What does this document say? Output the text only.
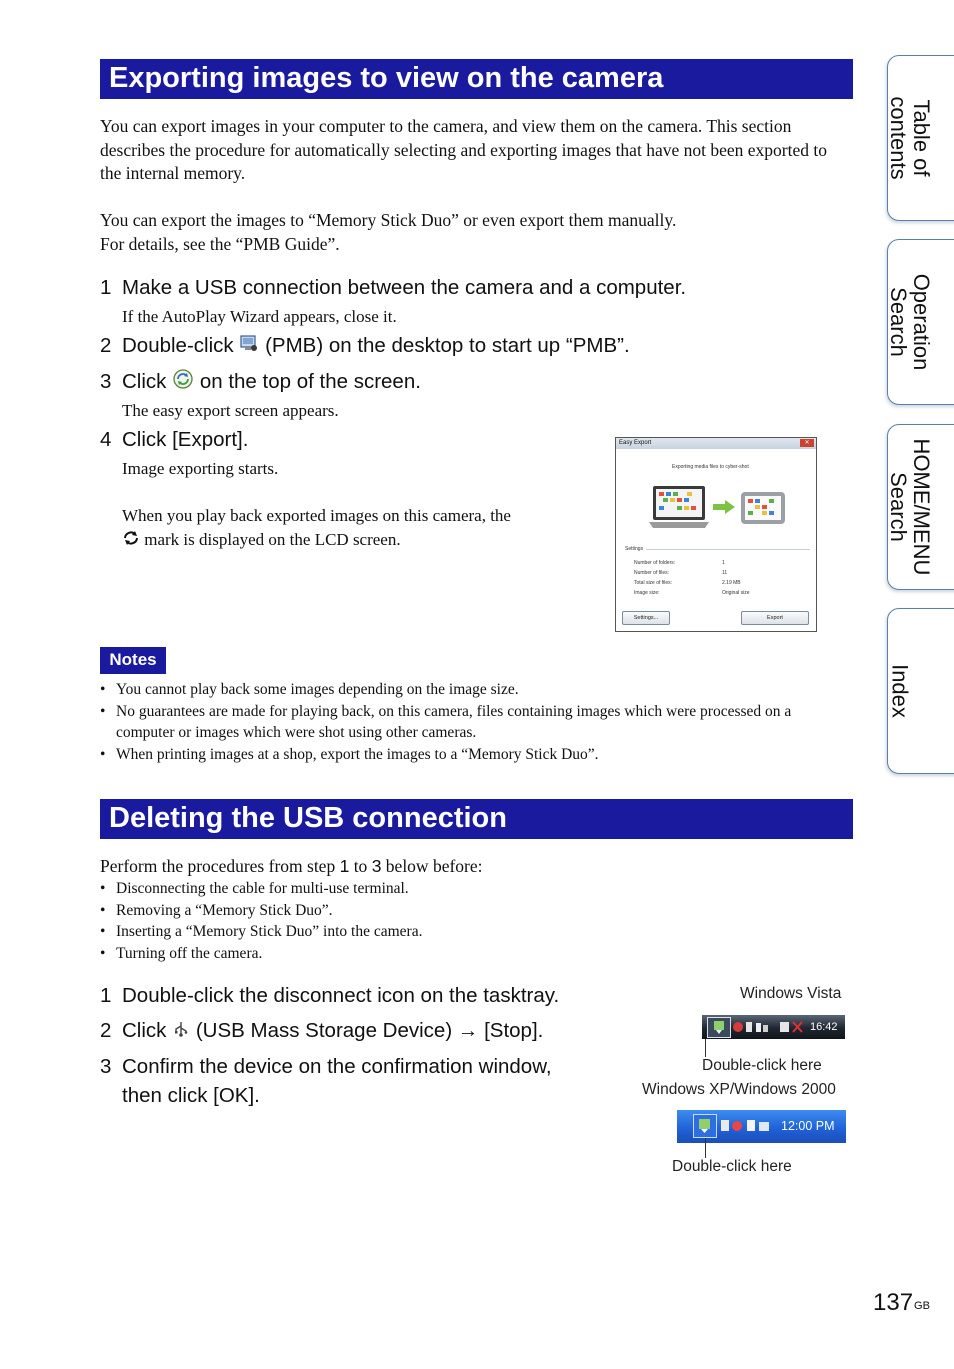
Exporting images to view on the camera
You can export images in your computer to the camera, and view them on the camera. This section describes the procedure for automatically selecting and exporting images that have not been exported to the internal memory.
You can export the images to “Memory Stick Duo” or even export them manually.
For details, see the “PMB Guide”.
1 Make a USB connection between the camera and a computer.
If the AutoPlay Wizard appears, close it.
2 Double-click (PMB) on the desktop to start up “PMB”.
3 Click on the top of the screen.
The easy export screen appears.
4 Click [Export].
Image exporting starts.
When you play back exported images on this camera, the
mark is displayed on the LCD screen.
Easy Export	✕
Exporting media files to cyber-shot
Settings
Number of folders:	1
Number of files:	11
Total size of files:	2.19 MB
Image size:	Original size
Settings...	Export
Notes
• You cannot play back some images depending on the image size.
• No guarantees are made for playing back, on this camera, files containing images which were processed on a computer or images which were shot using other cameras.
• When printing images at a shop, export the images to a “Memory Stick Duo”.
Deleting the USB connection
Perform the procedures from step 1 to 3 below before:
• Disconnecting the cable for multi-use terminal.
• Removing a “Memory Stick Duo”.
• Inserting a “Memory Stick Duo” into the camera.
• Turning off the camera.
1 Double-click the disconnect icon on the tasktray.
2 Click (USB Mass Storage Device) → [Stop].
3 Confirm the device on the confirmation window,
then click [OK].
Windows Vista
16:42
Double-click here
Windows XP/Windows 2000
12:00 PM
Double-click here
Table of
contents
Operation
Search
HOME/MENU
Search
Index
$137^{GB}$
